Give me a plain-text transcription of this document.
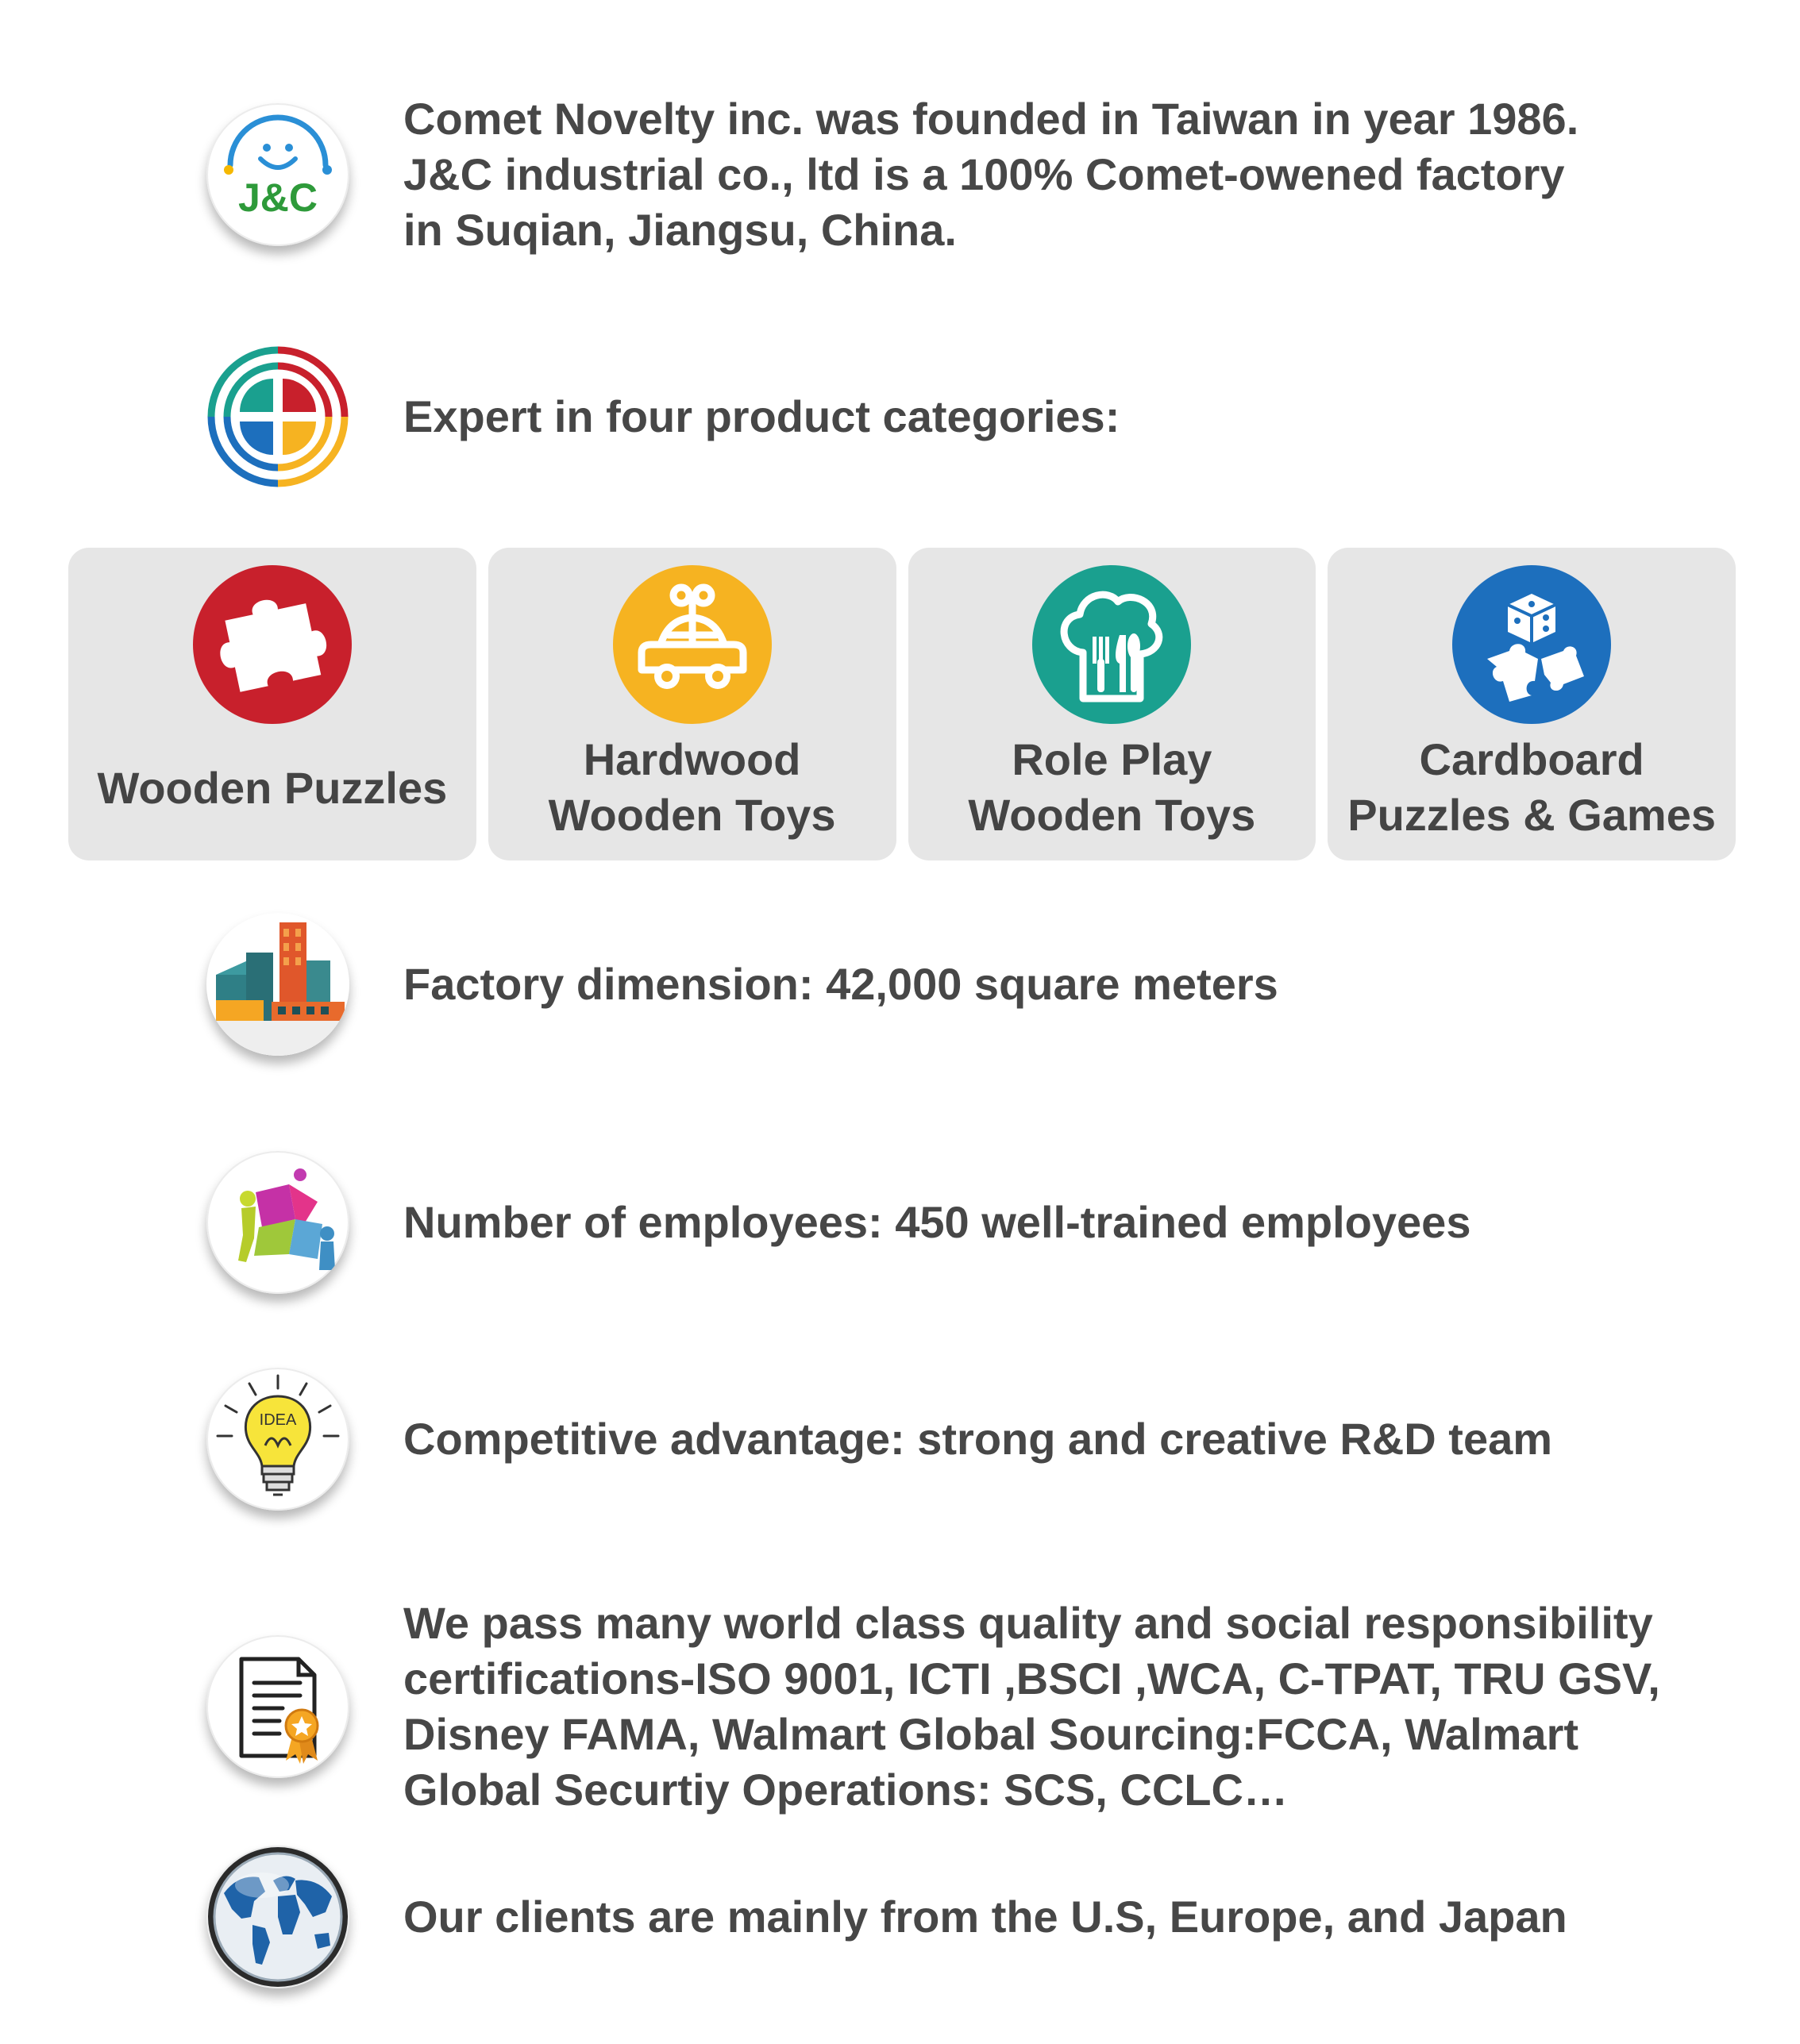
J&C
Comet Novelty inc. was founded in Taiwan in year 1986.
J&C industrial co., ltd is a 100% Comet-owened factory
in Suqian, Jiangsu, China.
Expert in four product categories:
Wooden Puzzles
Hardwood
Wooden Toys
Role Play
Wooden Toys
Cardboard
Puzzles & Games
Factory dimension: 42,000 square meters
Number of employees: 450 well-trained employees
IDEA Competitive advantage: strong and creative R&D team
We pass many world class quality and social responsibility
certifications-ISO 9001, ICTI ,BSCI ,WCA, C-TPAT, TRU GSV,
Disney FAMA, Walmart Global Sourcing:FCCA, Walmart
Global Securtiy Operations: SCS, CCLC…
Our clients are mainly from the U.S, Europe, and Japan
